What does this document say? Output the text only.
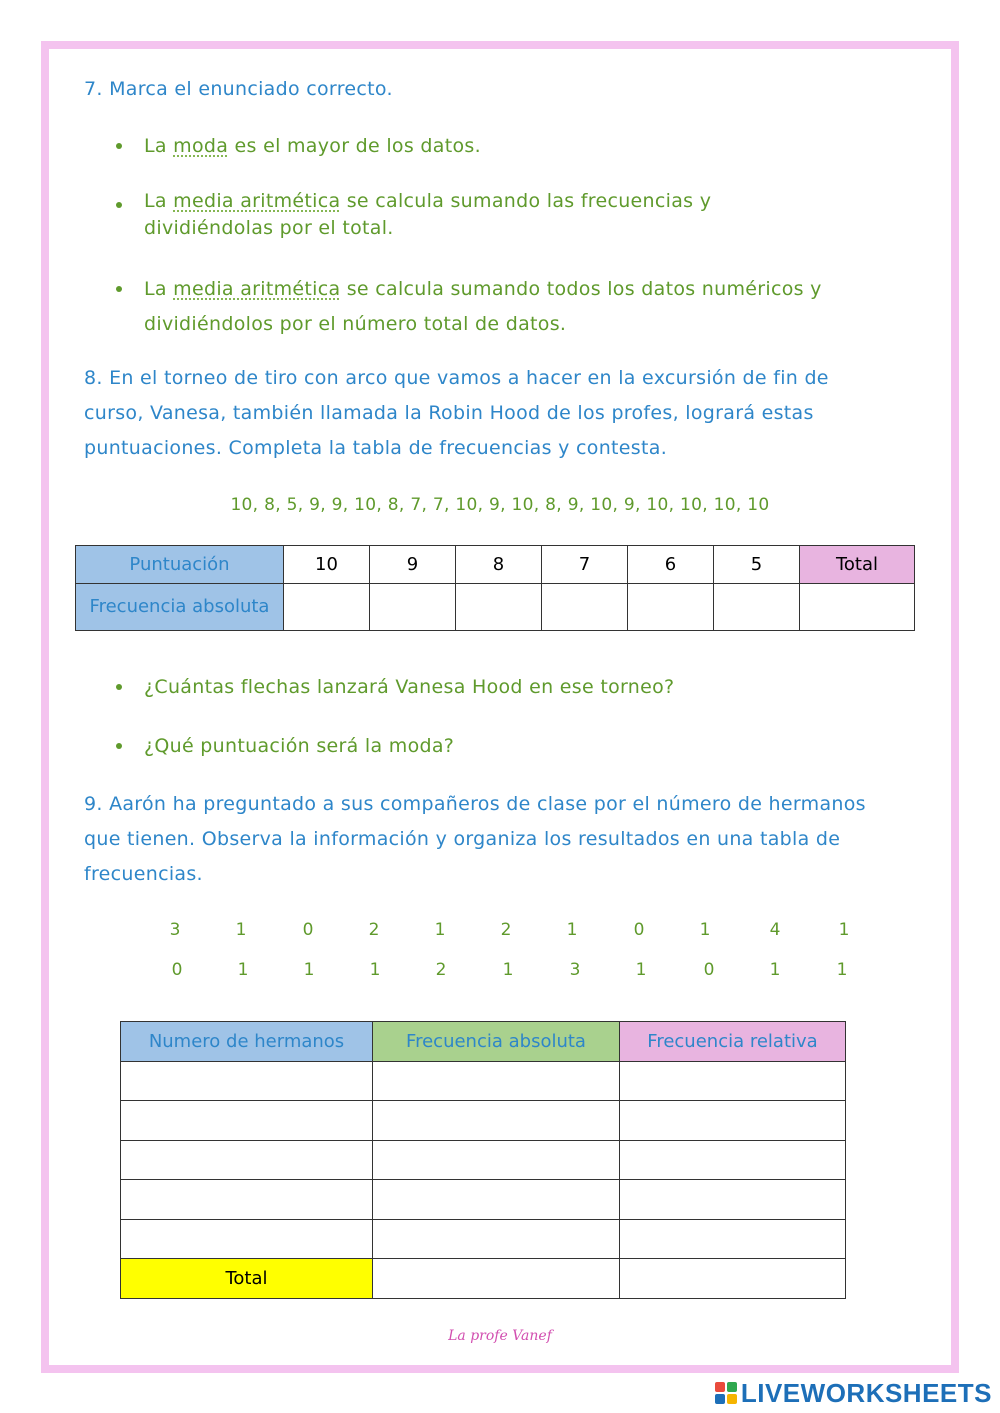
7. Marca el enunciado correcto.
La moda es el mayor de los datos.
La media aritmética se calcula sumando las frecuencias y dividiéndolas por el total.
La media aritmética se calcula sumando todos los datos numéricos y dividiéndolos por el número total de datos.
8. En el torneo de tiro con arco que vamos a hacer en la excursión de fin de
curso, Vanesa, también llamada la Robin Hood de los profes, logrará estas
puntuaciones. Completa la tabla de frecuencias y contesta.
10, 8, 5, 9, 9, 10, 8, 7, 7, 10, 9, 10, 8, 9, 10, 9, 10, 10, 10, 10
Puntuación	10	9	8	7	6	5	Total
Frecuencia absoluta							
¿Cuántas flechas lanzará Vanesa Hood en ese torneo?
¿Qué puntuación será la moda?
9. Aarón ha preguntado a sus compañeros de clase por el número de hermanos
que tienen. Observa la información y organiza los resultados en una tabla de
frecuencias.
3	1	0	2	1	2	1	0	1	4	1
0	1	1	1	2	1	3	1	0	1	1
Numero de hermanos	Frecuencia absoluta	Frecuencia relativa

Total		
La profe Vanef
LIVEWORKSHEETS
